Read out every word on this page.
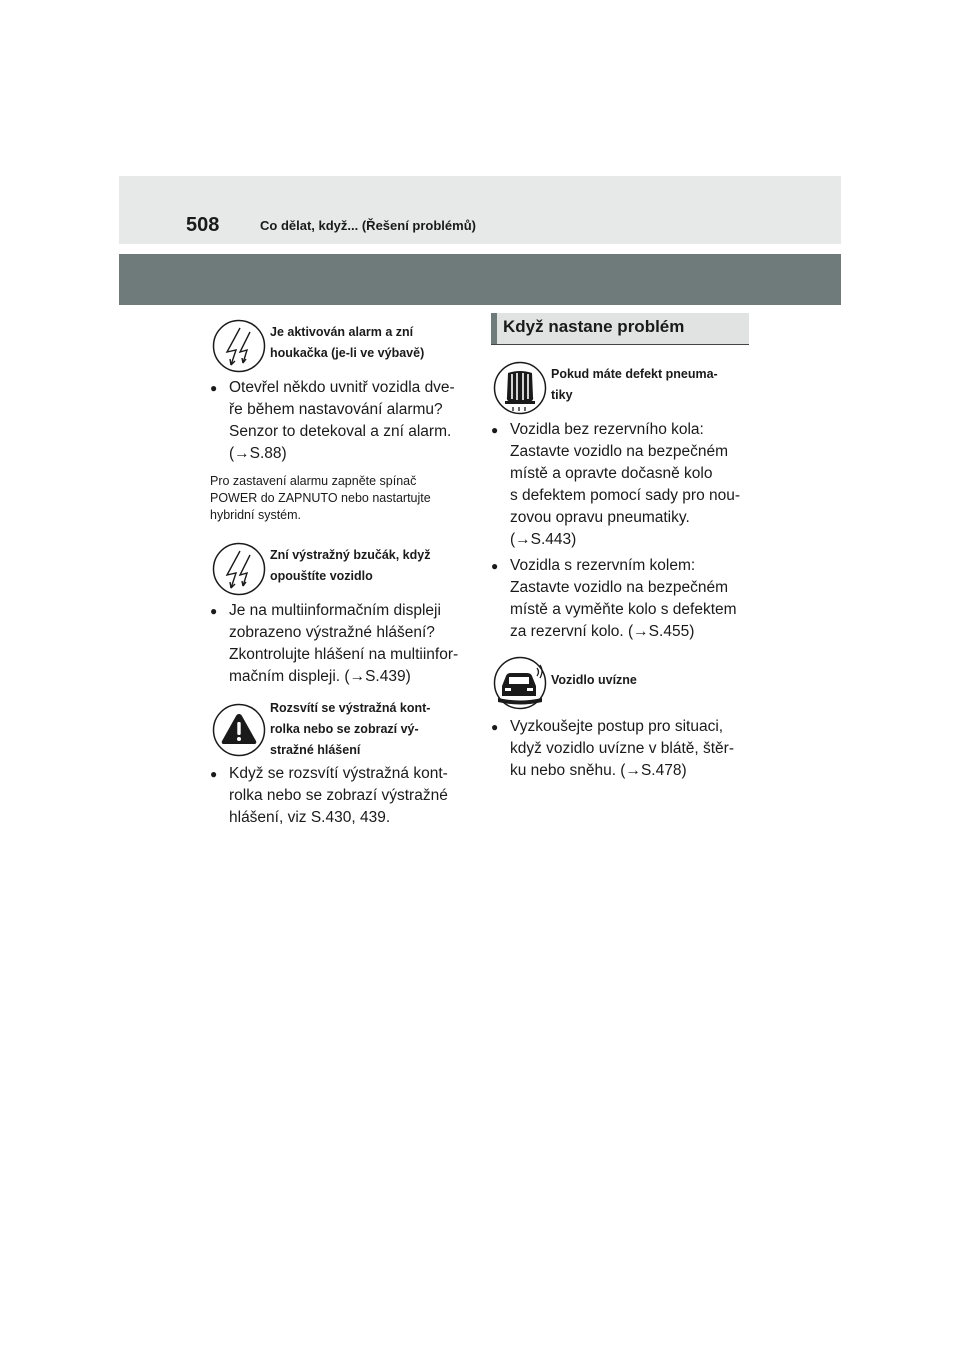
508	Co dělat, když... (Řešení problémů)
Je aktivován alarm a zní
houkačka (je-li ve výbavě)
● Otevřel někdo uvnitř vozidla dve-
ře během nastavování alarmu?
Senzor to detekoval a zní alarm.
(→S.88)
Pro zastavení alarmu zapněte spínač
POWER do ZAPNUTO nebo nastartujte
hybridní systém.
Zní výstražný bzučák, když
opouštíte vozidlo
● Je na multiinformačním displeji
zobrazeno výstražné hlášení?
Zkontrolujte hlášení na multiinfor-
mačním displeji. (→S.439)
Rozsvítí se výstražná kont-
rolka nebo se zobrazí vý-
stražné hlášení
● Když se rozsvítí výstražná kont-
rolka nebo se zobrazí výstražné
hlášení, viz S.430, 439.
Když nastane problém
Pokud máte defekt pneuma-
tiky
● Vozidla bez rezervního kola:
Zastavte vozidlo na bezpečném
místě a opravte dočasně kolo
s defektem pomocí sady pro nou-
zovou opravu pneumatiky.
(→S.443)
● Vozidla s rezervním kolem:
Zastavte vozidlo na bezpečném
místě a vyměňte kolo s defektem
za rezervní kolo. (→S.455)
Vozidlo uvízne
● Vyzkoušejte postup pro situaci,
když vozidlo uvízne v blátě, štěr-
ku nebo sněhu. (→S.478)
